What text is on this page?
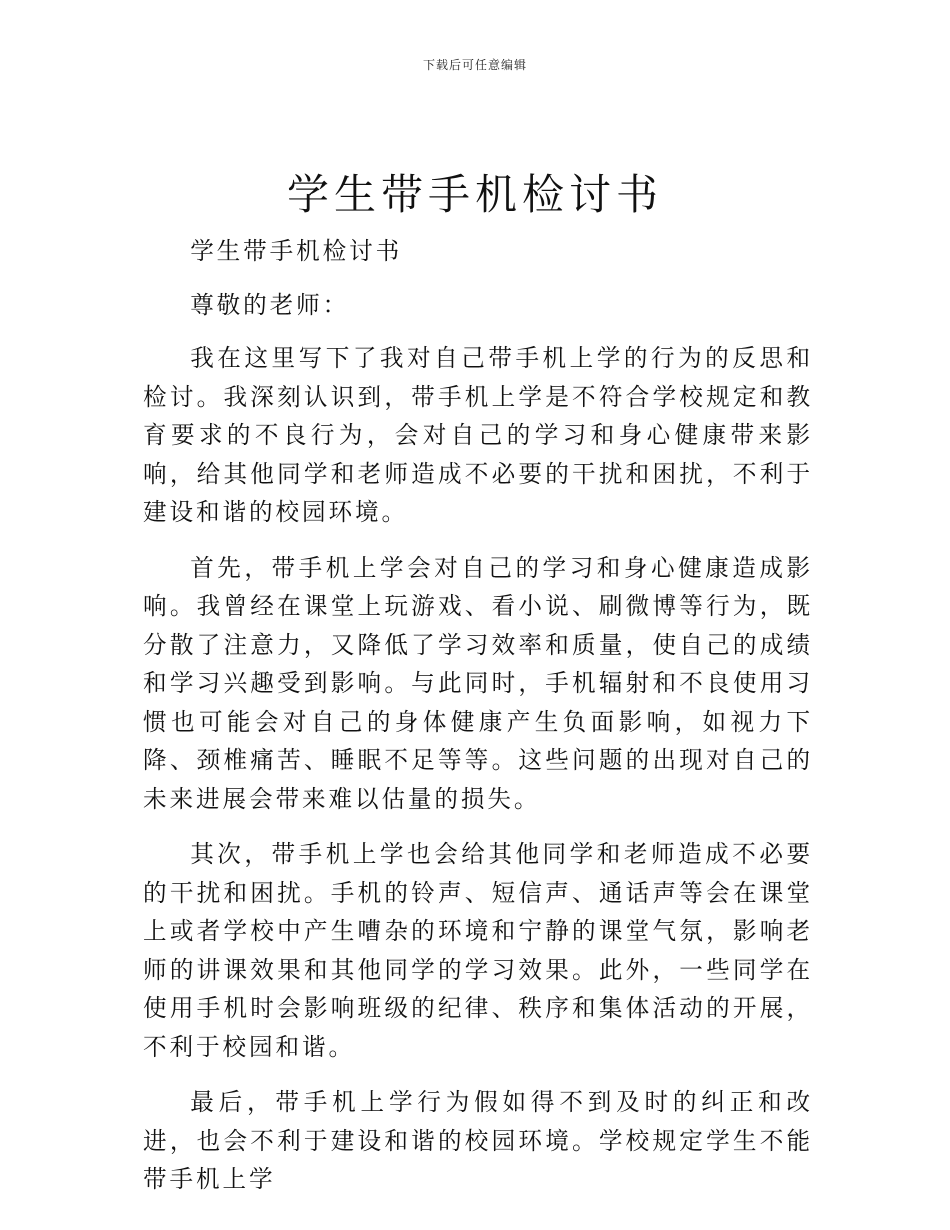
下载后可任意编辑
学生带手机检讨书

学生带手机检讨书

尊敬的老师：

我在这里写下了我对自己带手机上学的行为的反思和检讨。我深刻认识到，带手机上学是不符合学校规定和教育要求的不良行为，会对自己的学习和身心健康带来影响，给其他同学和老师造成不必要的干扰和困扰，不利于建设和谐的校园环境。

首先，带手机上学会对自己的学习和身心健康造成影响。我曾经在课堂上玩游戏、看小说、刷微博等行为，既分散了注意力，又降低了学习效率和质量，使自己的成绩和学习兴趣受到影响。与此同时，手机辐射和不良使用习惯也可能会对自己的身体健康产生负面影响，如视力下降、颈椎痛苦、睡眠不足等等。这些问题的出现对自己的未来进展会带来难以估量的损失。

其次，带手机上学也会给其他同学和老师造成不必要的干扰和困扰。手机的铃声、短信声、通话声等会在课堂上或者学校中产生嘈杂的环境和宁静的课堂气氛，影响老师的讲课效果和其他同学的学习效果。此外，一些同学在使用手机时会影响班级的纪律、秩序和集体活动的开展，不利于校园和谐。

最后，带手机上学行为假如得不到及时的纠正和改进，也会不利于建设和谐的校园环境。学校规定学生不能带手机上学
